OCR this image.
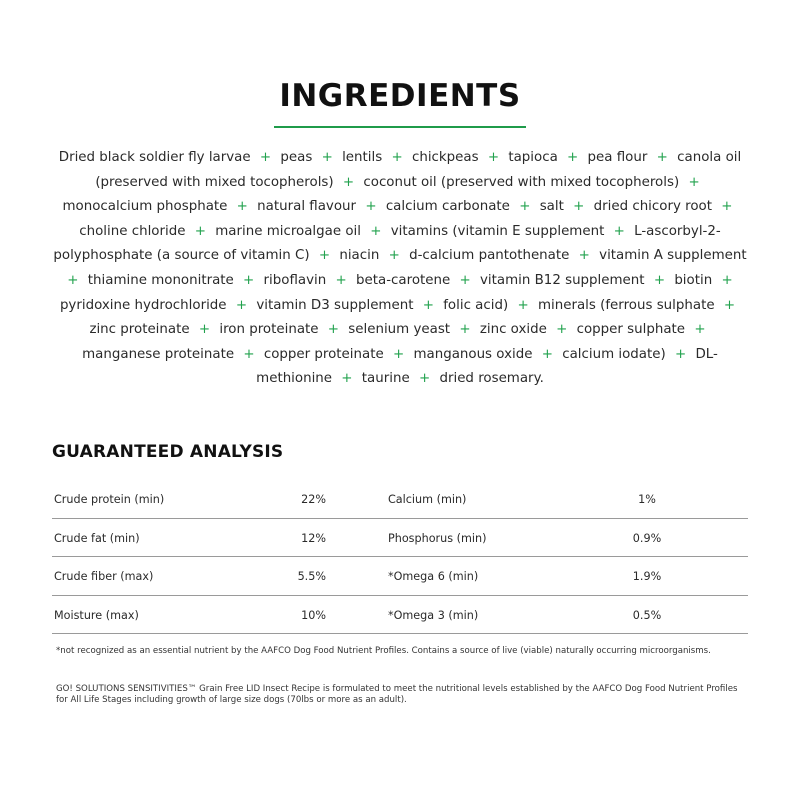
INGREDIENTS
Dried black soldier fly larvae + peas + lentils + chickpeas + tapioca + pea flour + canola oil (preserved with mixed tocopherols) + coconut oil (preserved with mixed tocopherols) + monocalcium phosphate + natural flavour + calcium carbonate + salt + dried chicory root + choline chloride + marine microalgae oil + vitamins (vitamin E supplement + L-ascorbyl-2-polyphosphate (a source of vitamin C) + niacin + d-calcium pantothenate + vitamin A supplement + thiamine mononitrate + riboflavin + beta-carotene + vitamin B12 supplement + biotin + pyridoxine hydrochloride + vitamin D3 supplement + folic acid) + minerals (ferrous sulphate + zinc proteinate + iron proteinate + selenium yeast + zinc oxide + copper sulphate + manganese proteinate + copper proteinate + manganous oxide + calcium iodate) + DL-methionine + taurine + dried rosemary.
GUARANTEED ANALYSIS
Crude protein (min)	22%	Calcium (min)	1%
Crude fat (min)	12%	Phosphorus (min)	0.9%
Crude fiber (max)	5.5%	*Omega 6 (min)	1.9%
Moisture (max)	10%	*Omega 3 (min)	0.5%
*not recognized as an essential nutrient by the AAFCO Dog Food Nutrient Profiles. Contains a source of live (viable) naturally occurring microorganisms.
GO! SOLUTIONS SENSITIVITIES™ Grain Free LID Insect Recipe is formulated to meet the nutritional levels established by the AAFCO Dog Food Nutrient Profiles for All Life Stages including growth of large size dogs (70lbs or more as an adult).
